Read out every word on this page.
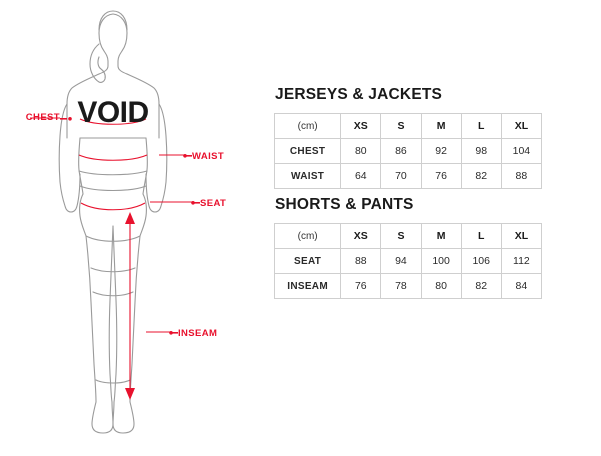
VOID
CHEST
WAIST
SEAT
INSEAM
JERSEYS & JACKETS
(cm)	XS	S	M	L	XL
CHEST	80	86	92	98	104
WAIST	64	70	76	82	88
SHORTS & PANTS
(cm)	XS	S	M	L	XL
SEAT	88	94	100	106	112
INSEAM	76	78	80	82	84
